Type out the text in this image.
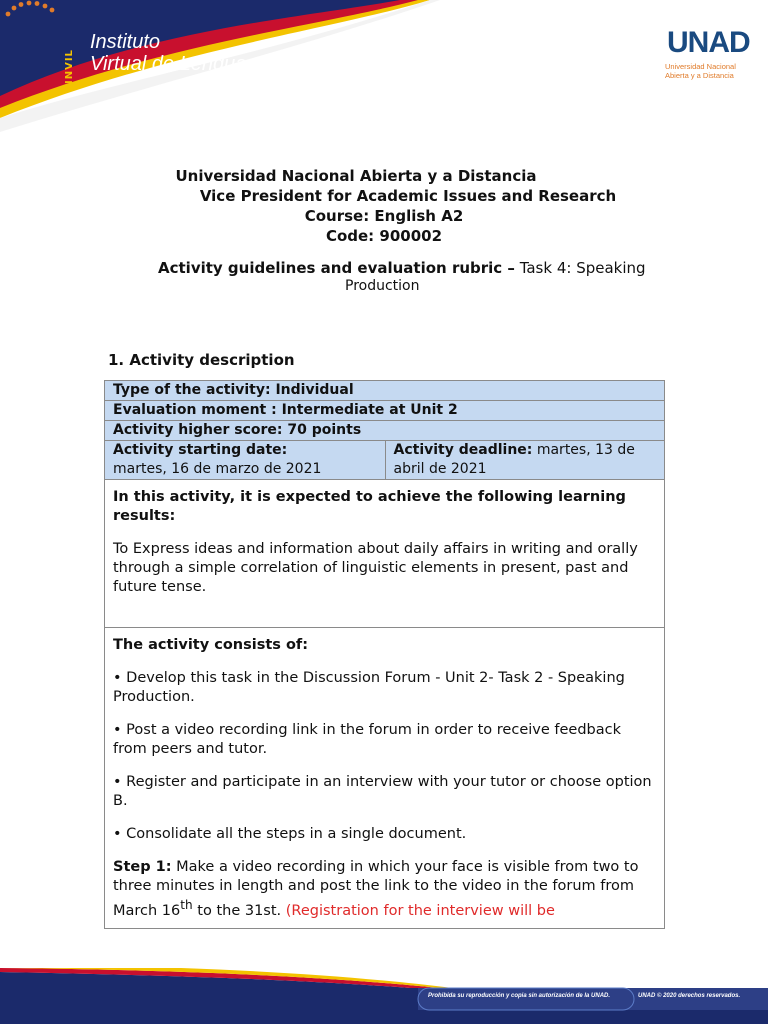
INVIL
Instituto
Virtual de Lenguas
UNAD
Universidad Nacional
Abierta y a Distancia
Universidad Nacional Abierta y a Distancia
Vice President for Academic Issues and Research
Course: English A2
Code: 900002
Activity guidelines and evaluation rubric – Task 4: Speaking
Production
1. Activity description
Type of the activity: Individual
Evaluation moment : Intermediate at Unit 2
Activity higher score: 70 points
Activity starting date:
martes, 16 de marzo de 2021
Activity deadline: martes, 13 de abril de 2021

In this activity, it is expected to achieve the following learning results:

To Express ideas and information about daily affairs in writing and orally through a simple correlation of linguistic elements in present, past and future tense.

The activity consists of:

• Develop this task in the Discussion Forum - Unit 2- Task 2 - Speaking Production.

• Post a video recording link in the forum in order to receive feedback from peers and tutor.

• Register and participate in an interview with your tutor or choose option B.

• Consolidate all the steps in a single document.

Step 1: Make a video recording in which your face is visible from two to three minutes in length and post the link to the video in the forum from March 16th to the 31st. (Registration for the interview will be

Prohibida su reproducción y copia sin autorización de la UNAD.	UNAD © 2020 derechos reservados.
